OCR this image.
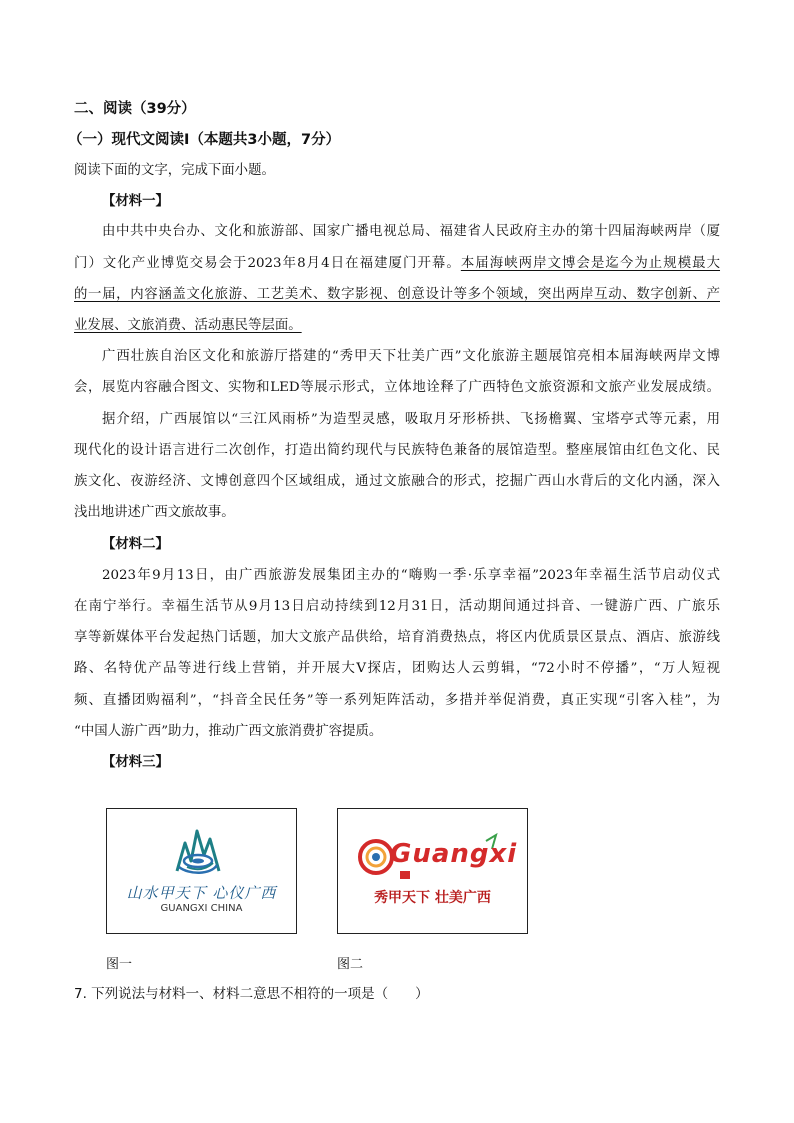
二、阅读（39分）
（一）现代文阅读Ⅰ（本题共3小题，7分）
阅读下面的文字，完成下面小题。
【材料一】
由中共中央台办、文化和旅游部、国家广播电视总局、福建省人民政府主办的第十四届海峡两岸（厦
门）文化产业博览交易会于2023年8月4日在福建厦门开幕。本届海峡两岸文博会是迄今为止规模最大
的一届，内容涵盖文化旅游、工艺美术、数字影视、创意设计等多个领域，突出两岸互动、数字创新、产
业发展、文旅消费、活动惠民等层面。
广西壮族自治区文化和旅游厅搭建的“秀甲天下壮美广西”文化旅游主题展馆亮相本届海峡两岸文博
会，展览内容融合图文、实物和LED等展示形式，立体地诠释了广西特色文旅资源和文旅产业发展成绩。
据介绍，广西展馆以“三江风雨桥”为造型灵感，吸取月牙形桥拱、飞扬檐翼、宝塔亭式等元素，用
现代化的设计语言进行二次创作，打造出简约现代与民族特色兼备的展馆造型。整座展馆由红色文化、民
族文化、夜游经济、文博创意四个区域组成，通过文旅融合的形式，挖掘广西山水背后的文化内涵，深入
浅出地讲述广西文旅故事。
【材料二】
2023年9月13日，由广西旅游发展集团主办的“嗨购一季·乐享幸福”2023年幸福生活节启动仪式
在南宁举行。幸福生活节从9月13日启动持续到12月31日，活动期间通过抖音、一键游广西、广旅乐
享等新媒体平台发起热门话题，加大文旅产品供给，培育消费热点，将区内优质景区景点、酒店、旅游线
路、名特优产品等进行线上营销，并开展大V探店，团购达人云剪辑，“72小时不停播”，“万人短视
频、直播团购福利”，“抖音全民任务”等一系列矩阵活动，多措并举促消费，真正实现“引客入桂”，为
“中国人游广西”助力，推动广西文旅消费扩容提质。
【材料三】
山水甲天下 心仪广西
GUANGXI CHINA
图一
Guangxi
秀甲天下 壮美广西
图二
7. 下列说法与材料一、材料二意思不相符的一项是（　　）
